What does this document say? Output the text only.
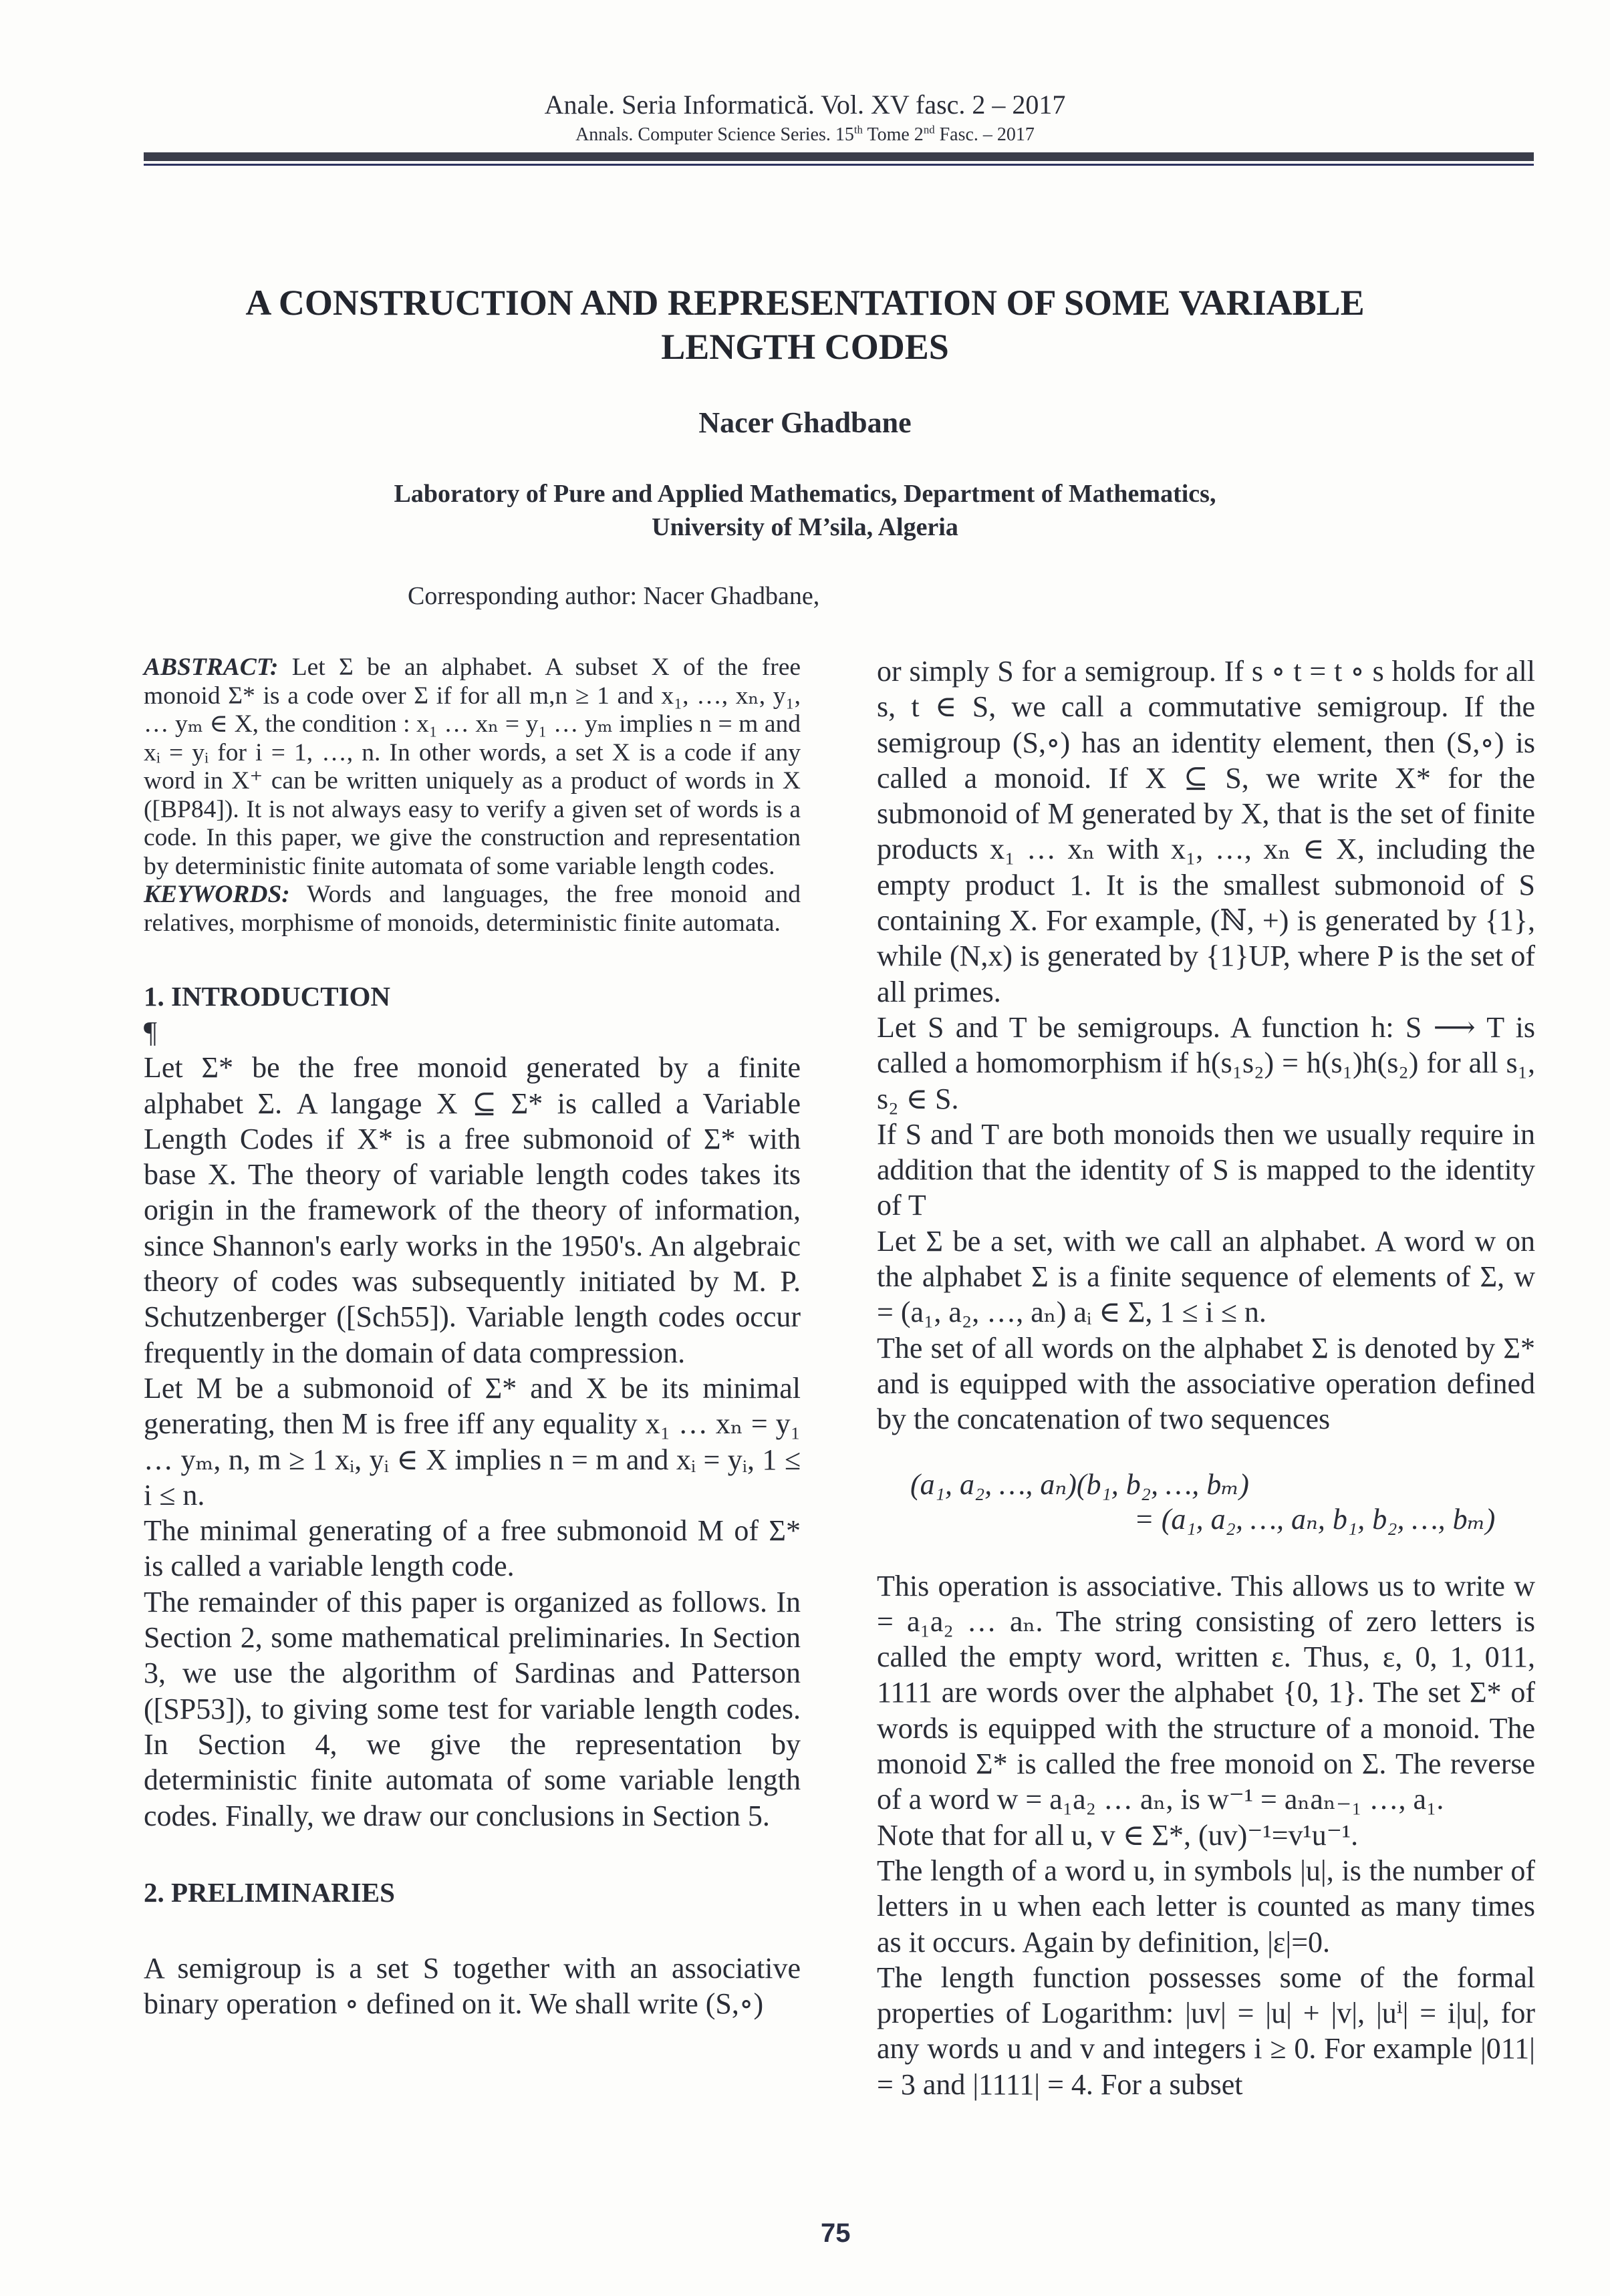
Anale. Seria Informatică. Vol. XV fasc. 2 – 2017
Annals. Computer Science Series. 15th Tome 2nd Fasc. – 2017
A CONSTRUCTION AND REPRESENTATION OF SOME VARIABLE
LENGTH CODES
Nacer Ghadbane
Laboratory of Pure and Applied Mathematics, Department of Mathematics,
University of M’sila, Algeria
Corresponding author: Nacer Ghadbane,

ABSTRACT: Let Σ be an alphabet. A subset X of the free monoid Σ* is a code over Σ if for all m,n ≥ 1 and x₁, …, xₙ, y₁, … yₘ ∈ X, the condition : x₁ … xₙ = y₁ … yₘ implies n = m and xᵢ = yᵢ for i = 1, …, n. In other words, a set X is a code if any word in X⁺ can be written uniquely as a product of words in X ([BP84]). It is not always easy to verify a given set of words is a code. In this paper, we give the construction and representation by deterministic finite automata of some variable length codes.

KEYWORDS: Words and languages, the free monoid and relatives, morphisme of monoids, deterministic finite automata.

1. INTRODUCTION

¶

Let Σ* be the free monoid generated by a finite alphabet Σ. A langage X ⊆ Σ* is called a Variable Length Codes if X* is a free submonoid of Σ* with base X. The theory of variable length codes takes its origin in the framework of the theory of information, since Shannon's early works in the 1950's. An algebraic theory of codes was subsequently initiated by M. P. Schutzenberger ([Sch55]). Variable length codes occur frequently in the domain of data compression.

Let M be a submonoid of Σ* and X be its minimal generating, then M is free iff any equality x₁ … xₙ = y₁ … yₘ, n, m ≥ 1 xᵢ, yᵢ ∈ X implies n = m and xᵢ = yᵢ, 1 ≤ i ≤ n.

The minimal generating of a free submonoid M of Σ* is called a variable length code.

The remainder of this paper is organized as follows. In Section 2, some mathematical preliminaries. In Section 3, we use the algorithm of Sardinas and Patterson ([SP53]), to giving some test for variable length codes. In Section 4, we give the representation by deterministic finite automata of some variable length codes. Finally, we draw our conclusions in Section 5.

2. PRELIMINARIES

A semigroup is a set S together with an associative binary operation ∘ defined on it. We shall write (S,∘)

or simply S for a semigroup. If s ∘ t = t ∘ s holds for all s, t ∈ S, we call a commutative semigroup. If the semigroup (S,∘) has an identity element, then (S,∘) is called a monoid. If X ⊆ S, we write X* for the submonoid of M generated by X, that is the set of finite products x₁ … xₙ with x₁, …, xₙ ∈ X, including the empty product 1. It is the smallest submonoid of S containing X. For example, (ℕ, +) is generated by {1}, while (N,x) is generated by {1}UP, where P is the set of all primes.

Let S and T be semigroups. A function h: S ⟶ T is called a homomorphism if h(s₁s₂) = h(s₁)h(s₂) for all s₁, s₂ ∈ S.

If S and T are both monoids then we usually require in addition that the identity of S is mapped to the identity of T

Let Σ be a set, with we call an alphabet. A word w on the alphabet Σ is a finite sequence of elements of Σ, w = (a₁, a₂, …, aₙ) aᵢ ∈ Σ, 1 ≤ i ≤ n.

The set of all words on the alphabet Σ is denoted by Σ* and is equipped with the associative operation defined by the concatenation of two sequences

(a₁, a₂, …, aₙ)(b₁, b₂, …, bₘ)
= (a₁, a₂, …, aₙ, b₁, b₂, …, bₘ)

This operation is associative. This allows us to write w = a₁a₂ … aₙ. The string consisting of zero letters is called the empty word, written ε. Thus, ε, 0, 1, 011, 1111 are words over the alphabet {0, 1}. The set Σ* of words is equipped with the structure of a monoid. The monoid Σ* is called the free monoid on Σ. The reverse of a word w = a₁a₂ … aₙ, is w⁻¹ = aₙaₙ₋₁ …, a₁.

Note that for all u, v ∈ Σ*, (uv)⁻¹=v¹u⁻¹.

The length of a word u, in symbols |u|, is the number of letters in u when each letter is counted as many times as it occurs. Again by definition, |ε|=0.

The length function possesses some of the formal properties of Logarithm: |uv| = |u| + |v|, |uⁱ| = i|u|, for any words u and v and integers i ≥ 0. For example |011| = 3 and |1111| = 4. For a subset

75
